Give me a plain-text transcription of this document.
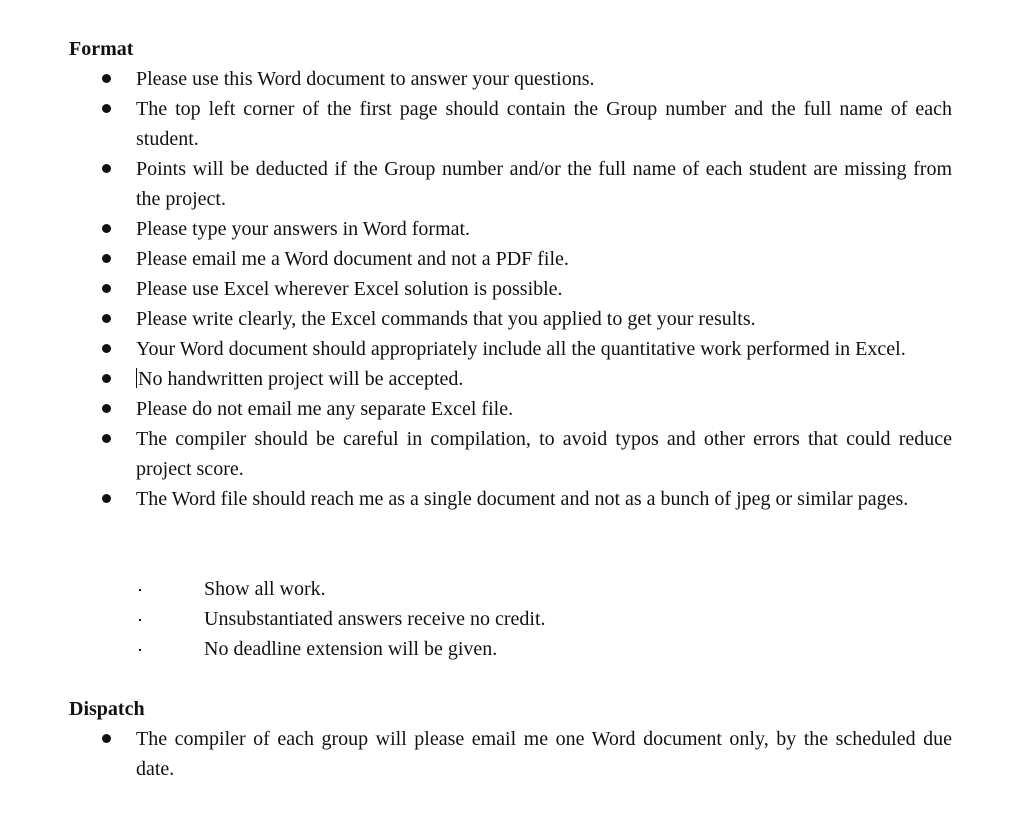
Format
Please use this Word document to answer your questions.
The top left corner of the first page should contain the Group number and the full name of each student.
Points will be deducted if the Group number and/or the full name of each student are missing from the project.
Please type your answers in Word format.
Please email me a Word document and not a PDF file.
Please use Excel wherever Excel solution is possible.
Please write clearly, the Excel commands that you applied to get your results.
Your Word document should appropriately include all the quantitative work performed in Excel.
No handwritten project will be accepted.
Please do not email me any separate Excel file.
The compiler should be careful in compilation, to avoid typos and other errors that could reduce project score.
The Word file should reach me as a single document and not as a bunch of jpeg or similar pages.
Show all work.
Unsubstantiated answers receive no credit.
No deadline extension will be given.
Dispatch
The compiler of each group will please email me one Word document only, by the scheduled due date.
